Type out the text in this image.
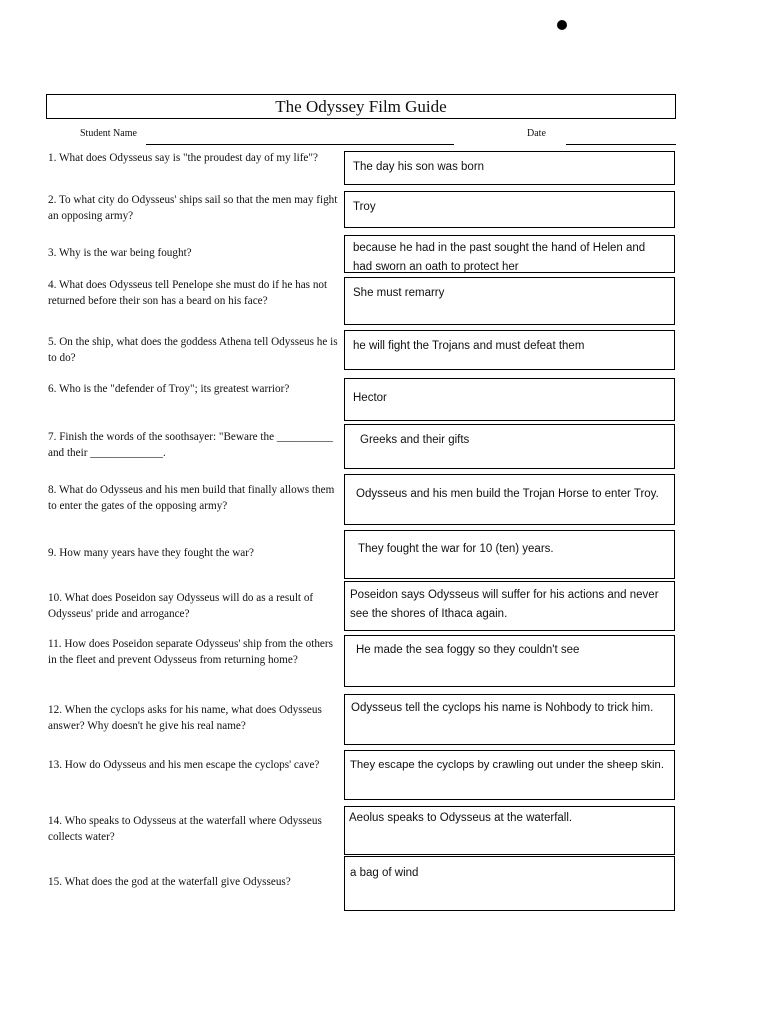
The Odyssey Film Guide
Student Name	Date
1. What does Odysseus say is "the proudest day of my life"?
The day his son was born
2. To what city do Odysseus' ships sail so that the men may fight an opposing army?
Troy
3. Why is the war being fought?	because he had in the past sought the hand of Helen and had sworn an oath to protect her
4. What does Odysseus tell Penelope she must do if he has not returned before their son has a beard on his face?
She must remarry
5. On the ship, what does the goddess Athena tell Odysseus he is to do?
he will fight the Trojans and must defeat them
6. Who is the "defender of Troy"; its greatest warrior?
Hector
7. Finish the words of the soothsayer: "Beware the __________ and their _____________.
Greeks and their gifts
8. What do Odysseus and his men build that finally allows them to enter the gates of the opposing army?
Odysseus and his men build the Trojan Horse to enter Troy.
9. How many years have they fought the war?	They fought the war for 10 (ten) years.
10. What does Poseidon say Odysseus will do as a result of Odysseus' pride and arrogance?
Poseidon says Odysseus will suffer for his actions and never see the shores of Ithaca again.
11. How does Poseidon separate Odysseus' ship from the others in the fleet and prevent Odysseus from returning home?
He made the sea foggy so they couldn't see
12. When the cyclops asks for his name, what does Odysseus answer? Why doesn't he give his real name?
Odysseus tell the cyclops his name is Nohbody to trick him.
13. How do Odysseus and his men escape the cyclops' cave?	They escape the cyclops by crawling out under the sheep skin.
14. Who speaks to Odysseus at the waterfall where Odysseus collects water?
Aeolus speaks to Odysseus at the waterfall.
15. What does the god at the waterfall give Odysseus?
a bag of wind
